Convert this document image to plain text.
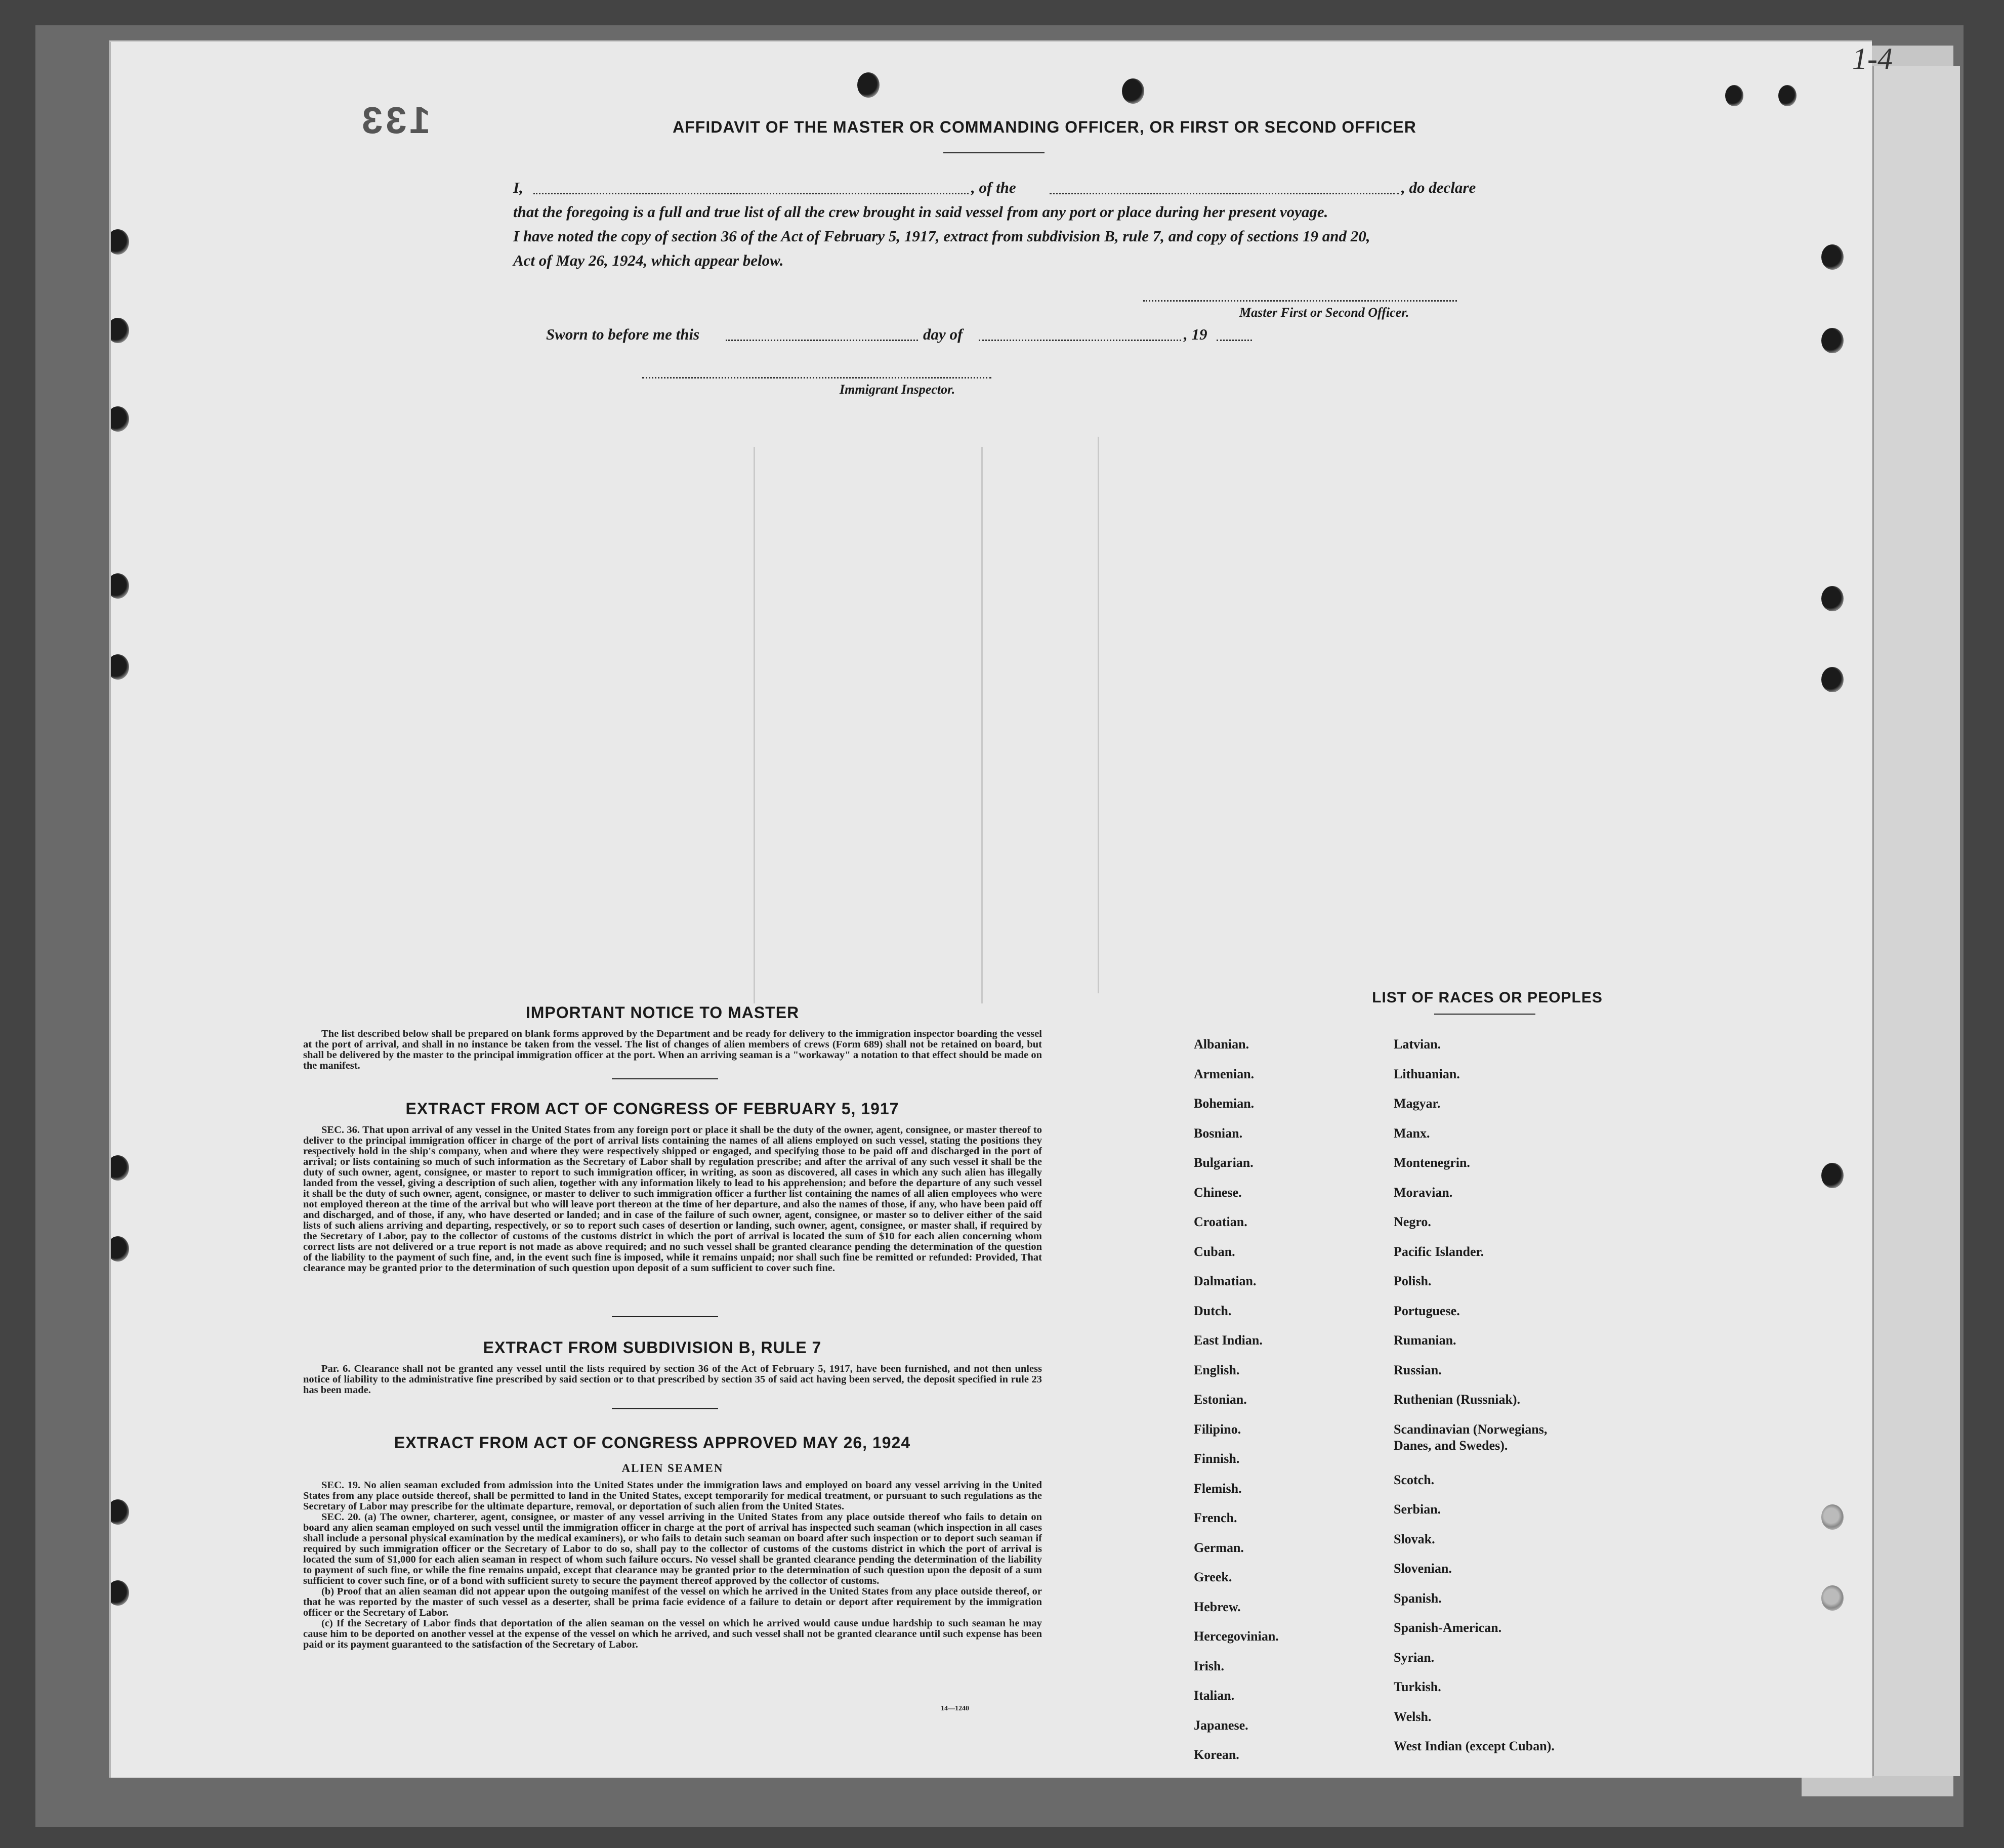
133	AFFIDAVIT OF THE MASTER OR COMMANDING OFFICER, OR FIRST OR SECOND OFFICER
I,	, of the	, do declare
that the foregoing is a full and true list of all the crew brought in said vessel from any port or place during her present voyage.
I have noted the copy of section 36 of the Act of February 5, 1917, extract from subdivision B, rule 7, and copy of sections 19 and 20,
Act of May 26, 1924, which appear below.
Master First or Second Officer.
Sworn to before me this	day of	, 19
Immigrant Inspector.
IMPORTANT NOTICE TO MASTER

The list described below shall be prepared on blank forms approved by the Department and be ready for delivery to the immigration inspector boarding the vessel at the port of arrival, and shall in no instance be taken from the vessel. The list of changes of alien members of crews (Form 689) shall not be retained on board, but shall be delivered by the master to the principal immigration officer at the port. When an arriving seaman is a "workaway" a notation to that effect should be made on the manifest.

EXTRACT FROM ACT OF CONGRESS OF FEBRUARY 5, 1917

SEC. 36. That upon arrival of any vessel in the United States from any foreign port or place it shall be the duty of the owner, agent, consignee, or master thereof to deliver to the principal immigration officer in charge of the port of arrival lists containing the names of all aliens employed on such vessel, stating the positions they respectively hold in the ship's company, when and where they were respectively shipped or engaged, and specifying those to be paid off and discharged in the port of arrival; or lists containing so much of such information as the Secretary of Labor shall by regulation prescribe; and after the arrival of any such vessel it shall be the duty of such owner, agent, consignee, or master to report to such immigration officer, in writing, as soon as discovered, all cases in which any such alien has illegally landed from the vessel, giving a description of such alien, together with any information likely to lead to his apprehension; and before the departure of any such vessel it shall be the duty of such owner, agent, consignee, or master to deliver to such immigration officer a further list containing the names of all alien employees who were not employed thereon at the time of the arrival but who will leave port thereon at the time of her departure, and also the names of those, if any, who have been paid off and discharged, and of those, if any, who have deserted or landed; and in case of the failure of such owner, agent, consignee, or master so to deliver either of the said lists of such aliens arriving and departing, respectively, or so to report such cases of desertion or landing, such owner, agent, consignee, or master shall, if required by the Secretary of Labor, pay to the collector of customs of the customs district in which the port of arrival is located the sum of $10 for each alien concerning whom correct lists are not delivered or a true report is not made as above required; and no such vessel shall be granted clearance pending the determination of the question of the liability to the payment of such fine, and, in the event such fine is imposed, while it remains unpaid; nor shall such fine be remitted or refunded: Provided, That clearance may be granted prior to the determination of such question upon deposit of a sum sufficient to cover such fine.

EXTRACT FROM SUBDIVISION B, RULE 7

Par. 6. Clearance shall not be granted any vessel until the lists required by section 36 of the Act of February 5, 1917, have been furnished, and not then unless notice of liability to the administrative fine prescribed by said section or to that prescribed by section 35 of said act having been served, the deposit specified in rule 23 has been made.

EXTRACT FROM ACT OF CONGRESS APPROVED MAY 26, 1924
ALIEN SEAMEN

SEC. 19. No alien seaman excluded from admission into the United States under the immigration laws and employed on board any vessel arriving in the United States from any place outside thereof, shall be permitted to land in the United States, except temporarily for medical treatment, or pursuant to such regulations as the Secretary of Labor may prescribe for the ultimate departure, removal, or deportation of such alien from the United States.

SEC. 20. (a) The owner, charterer, agent, consignee, or master of any vessel arriving in the United States from any place outside thereof who fails to detain on board any alien seaman employed on such vessel until the immigration officer in charge at the port of arrival has inspected such seaman (which inspection in all cases shall include a personal physical examination by the medical examiners), or who fails to detain such seaman on board after such inspection or to deport such seaman if required by such immigration officer or the Secretary of Labor to do so, shall pay to the collector of customs of the customs district in which the port of arrival is located the sum of $1,000 for each alien seaman in respect of whom such failure occurs. No vessel shall be granted clearance pending the determination of the liability to payment of such fine, or while the fine remains unpaid, except that clearance may be granted prior to the determination of such question upon the deposit of a sum sufficient to cover such fine, or of a bond with sufficient surety to secure the payment thereof approved by the collector of customs.

(b) Proof that an alien seaman did not appear upon the outgoing manifest of the vessel on which he arrived in the United States from any place outside thereof, or that he was reported by the master of such vessel as a deserter, shall be prima facie evidence of a failure to detain or deport after requirement by the immigration officer or the Secretary of Labor.

(c) If the Secretary of Labor finds that deportation of the alien seaman on the vessel on which he arrived would cause undue hardship to such seaman he may cause him to be deported on another vessel at the expense of the vessel on which he arrived, and such vessel shall not be granted clearance until such expense has been paid or its payment guaranteed to the satisfaction of the Secretary of Labor.

14—1240
LIST OF RACES OR PEOPLES
Albanian.
Armenian.
Bohemian.
Bosnian.
Bulgarian.
Chinese.
Croatian.
Cuban.
Dalmatian.
Dutch.
East Indian.
English.
Estonian.
Filipino.
Finnish.
Flemish.
French.
German.
Greek.
Hebrew.
Hercegovinian.
Irish.
Italian.
Japanese.
Korean.
Latvian.
Lithuanian.
Magyar.
Manx.
Montenegrin.
Moravian.
Negro.
Pacific Islander.
Polish.
Portuguese.
Rumanian.
Russian.
Ruthenian (Russniak).
Scandinavian (Norwegians,
Danes, and Swedes).
Scotch.
Serbian.
Slovak.
Slovenian.
Spanish.
Spanish-American.
Syrian.
Turkish.
Welsh.
West Indian (except Cuban).
1-4
